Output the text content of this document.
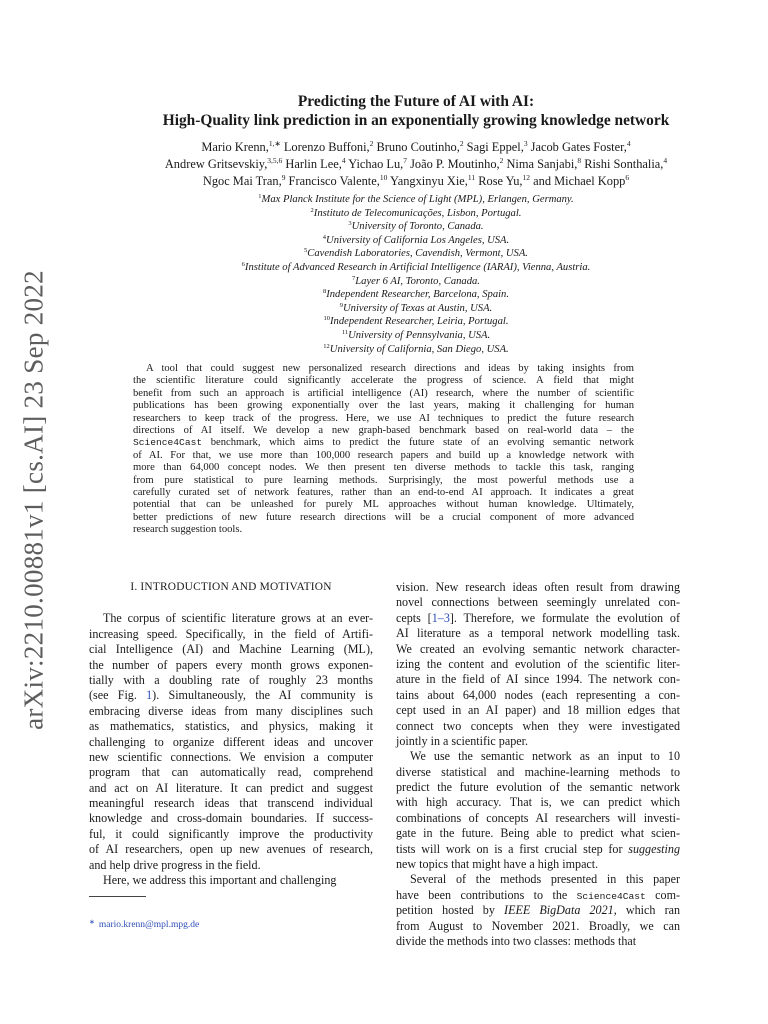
arXiv:2210.00881v1 [cs.AI] 23 Sep 2022
Predicting the Future of AI with AI:
High-Quality link prediction in an exponentially growing knowledge network
Mario Krenn,$^{1,∗}$ Lorenzo Buffoni,$^2$ Bruno Coutinho,$^2$ Sagi Eppel,$^3$ Jacob Gates Foster,$^4$
Andrew Gritsevskiy,$^{3,5,6}$ Harlin Lee,$^4$ Yichao Lu,$^7$ João P. Moutinho,$^2$ Nima Sanjabi,$^8$ Rishi Sonthalia,$^4$
Ngoc Mai Tran,$^9$ Francisco Valente,$^{10}$ Yangxinyu Xie,$^{11}$ Rose Yu,$^{12}$ and Michael Kopp$^6$
$^1$Max Planck Institute for the Science of Light (MPL), Erlangen, Germany.
$^2$Instituto de Telecomunicações, Lisbon, Portugal.
$^3$University of Toronto, Canada.
$^4$University of California Los Angeles, USA.
$^5$Cavendish Laboratories, Cavendish, Vermont, USA.
$^6$Institute of Advanced Research in Artificial Intelligence (IARAI), Vienna, Austria.
$^7$Layer 6 AI, Toronto, Canada.
$^8$Independent Researcher, Barcelona, Spain.
$^9$University of Texas at Austin, USA.
$^{10}$Independent Researcher, Leiria, Portugal.
$^{11}$University of Pennsylvania, USA.
$^{12}$University of California, San Diego, USA.
A tool that could suggest new personalized research directions and ideas by taking insights from
the scientific literature could significantly accelerate the progress of science. A field that might
benefit from such an approach is artificial intelligence (AI) research, where the number of scientific
publications has been growing exponentially over the last years, making it challenging for human
researchers to keep track of the progress. Here, we use AI techniques to predict the future research
directions of AI itself. We develop a new graph-based benchmark based on real-world data – the
Science4Cast benchmark, which aims to predict the future state of an evolving semantic network
of AI. For that, we use more than 100,000 research papers and build up a knowledge network with
more than 64,000 concept nodes. We then present ten diverse methods to tackle this task, ranging
from pure statistical to pure learning methods. Surprisingly, the most powerful methods use a
carefully curated set of network features, rather than an end-to-end AI approach. It indicates a great
potential that can be unleashed for purely ML approaches without human knowledge. Ultimately,
better predictions of new future research directions will be a crucial component of more advanced
research suggestion tools.
I. INTRODUCTION AND MOTIVATION
The corpus of scientific literature grows at an ever-
increasing speed. Specifically, in the field of Artifi-
cial Intelligence (AI) and Machine Learning (ML),
the number of papers every month grows exponen-
tially with a doubling rate of roughly 23 months
(see Fig. 1). Simultaneously, the AI community is
embracing diverse ideas from many disciplines such
as mathematics, statistics, and physics, making it
challenging to organize different ideas and uncover
new scientific connections. We envision a computer
program that can automatically read, comprehend
and act on AI literature. It can predict and suggest
meaningful research ideas that transcend individual
knowledge and cross-domain boundaries. If success-
ful, it could significantly improve the productivity
of AI researchers, open up new avenues of research,
and help drive progress in the field.
Here, we address this important and challenging
vision. New research ideas often result from drawing
novel connections between seemingly unrelated con-
cepts [1–3]. Therefore, we formulate the evolution of
AI literature as a temporal network modelling task.
We created an evolving semantic network character-
izing the content and evolution of the scientific liter-
ature in the field of AI since 1994. The network con-
tains about 64,000 nodes (each representing a con-
cept used in an AI paper) and 18 million edges that
connect two concepts when they were investigated
jointly in a scientific paper.
We use the semantic network as an input to 10
diverse statistical and machine-learning methods to
predict the future evolution of the semantic network
with high accuracy. That is, we can predict which
combinations of concepts AI researchers will investi-
gate in the future. Being able to predict what scien-
tists will work on is a first crucial step for suggesting
new topics that might have a high impact.
Several of the methods presented in this paper
have been contributions to the Science4Cast com-
petition hosted by IEEE BigData 2021, which ran
from August to November 2021. Broadly, we can
divide the methods into two classes: methods that
∗ mario.krenn@mpl.mpg.de
